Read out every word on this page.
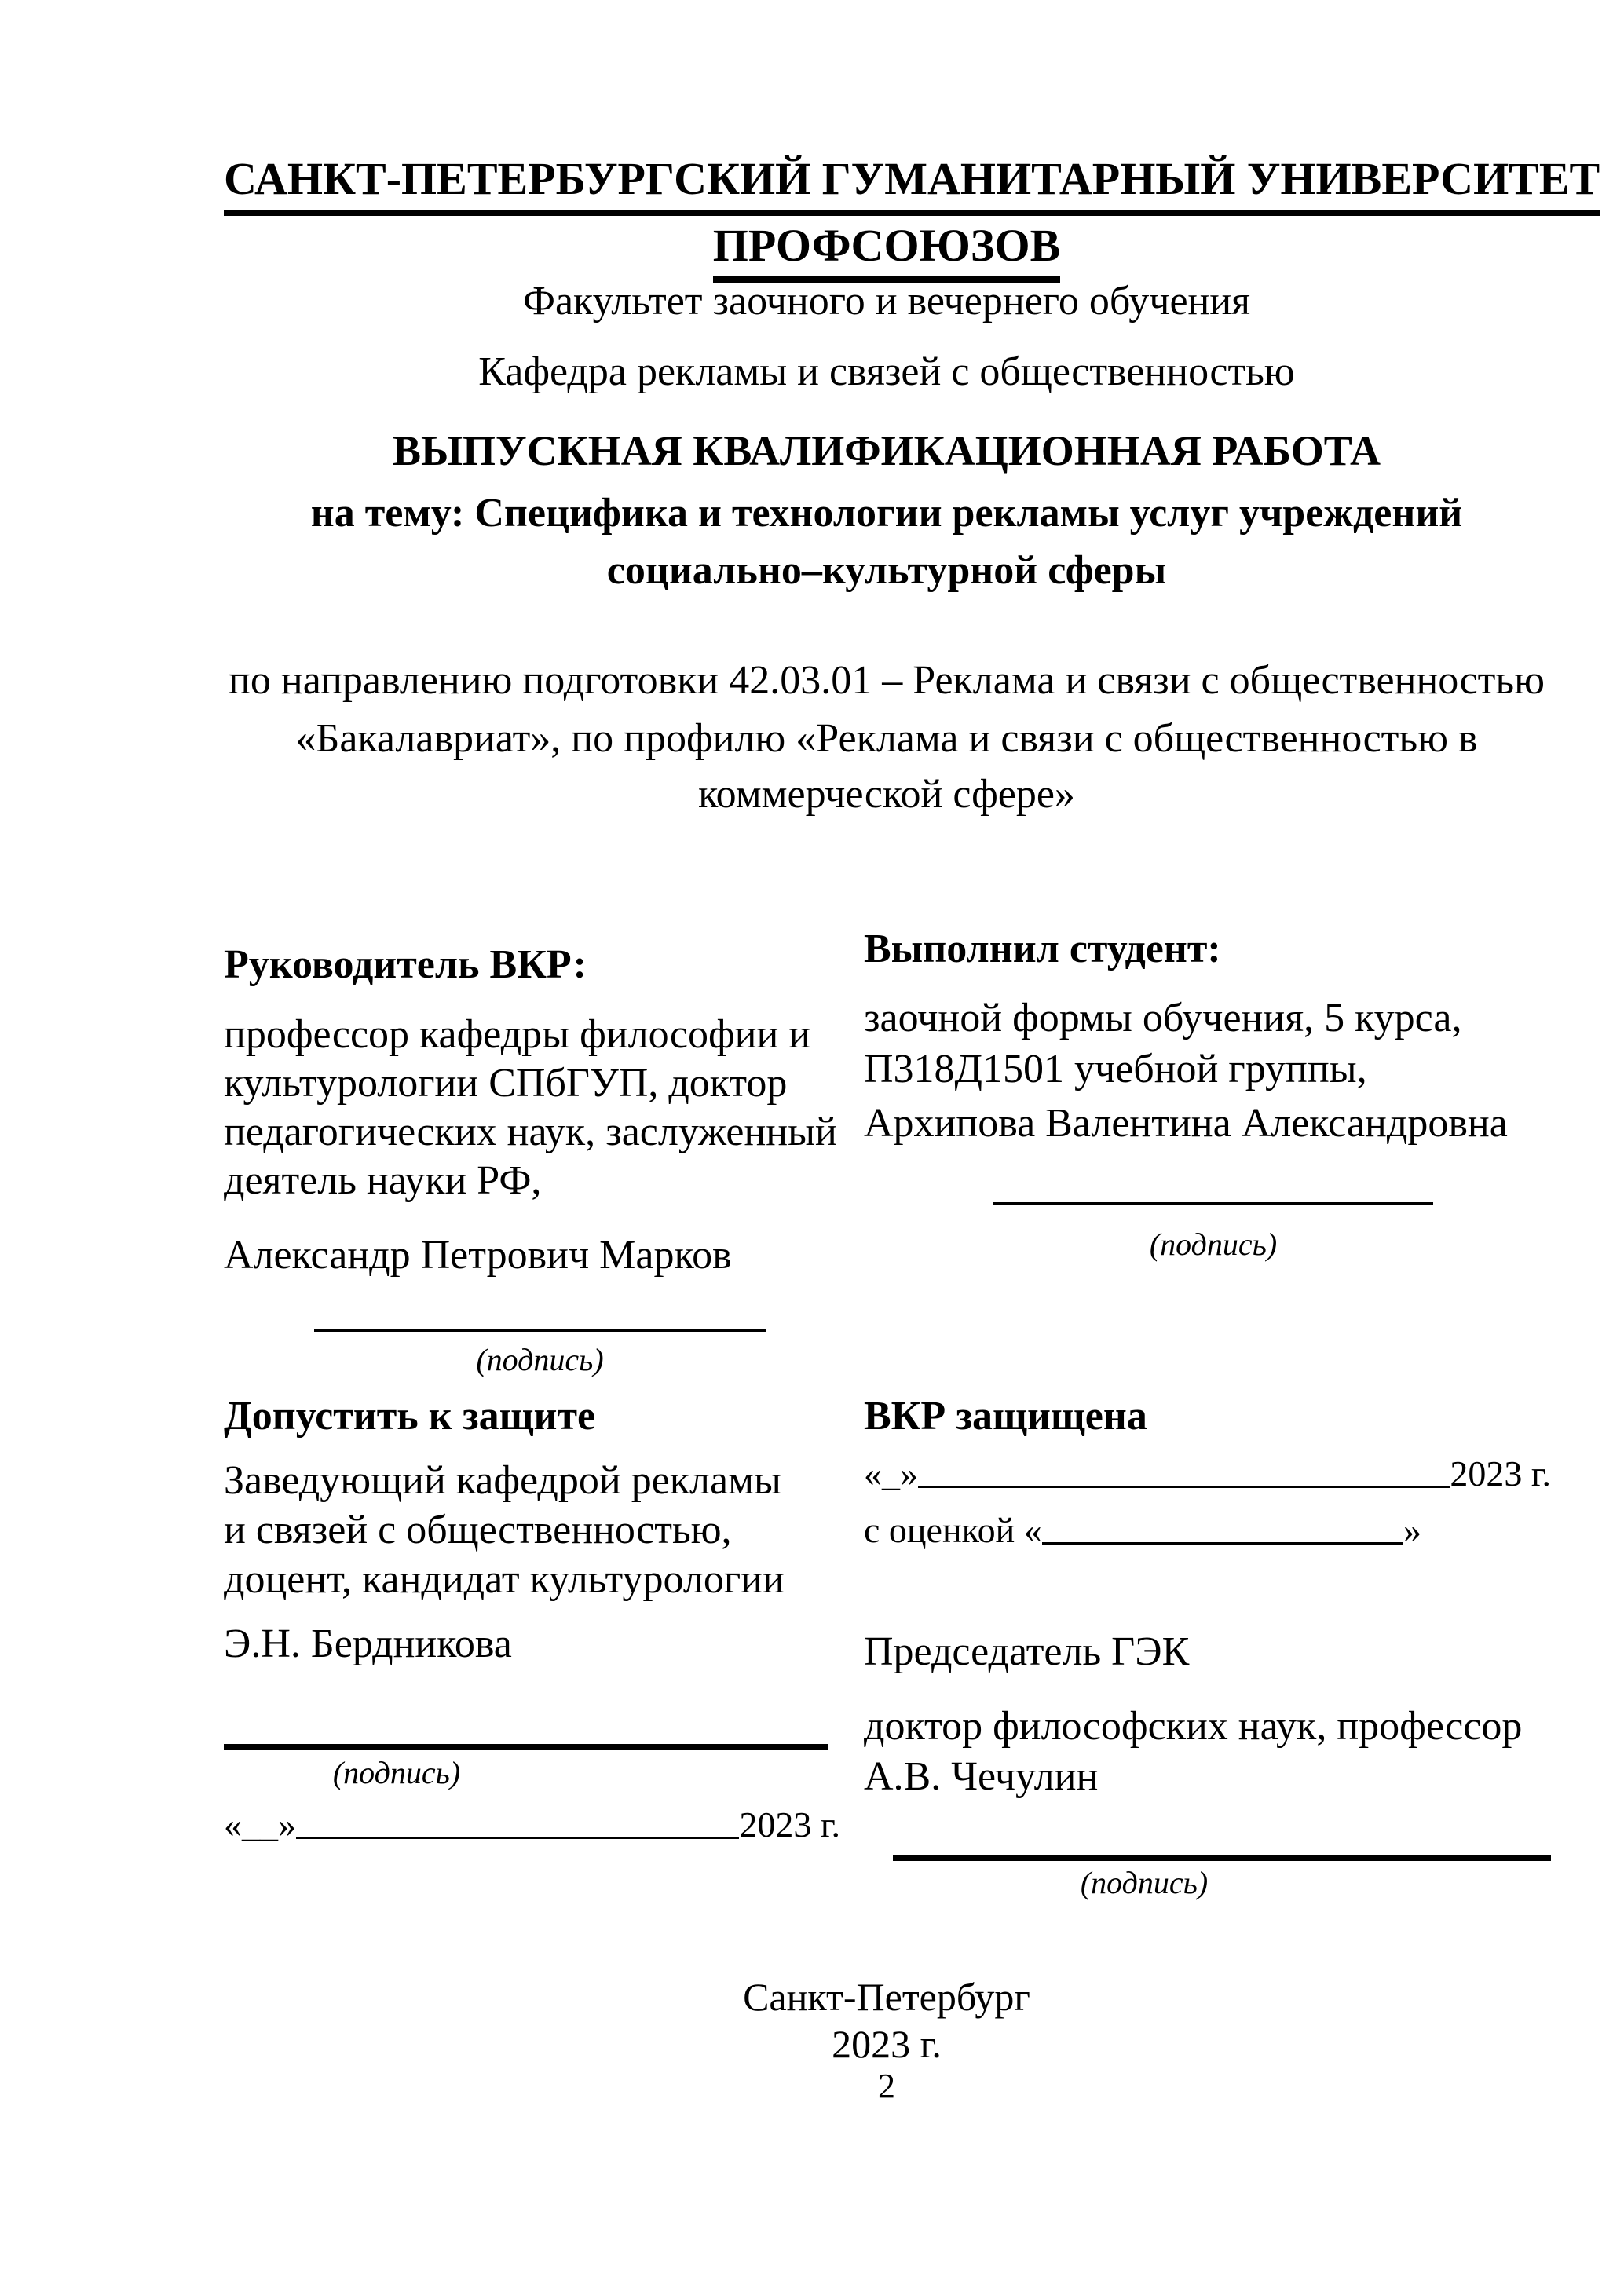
САНКТ-ПЕТЕРБУРГСКИЙ ГУМАНИТАРНЫЙ УНИВЕРСИТЕТ
ПРОФСОЮЗОВ
Факультет заочного и вечернего обучения
Кафедра рекламы и связей с общественностью
ВЫПУСКНАЯ КВАЛИФИКАЦИОННАЯ РАБОТА
на тему: Специфика и технологии рекламы услуг учреждений
социально–культурной сферы
по направлению подготовки 42.03.01 – Реклама и связи с общественностью
«Бакалавриат», по профилю «Реклама и связи с общественностью в
коммерческой сфере»
Руководитель ВКР:
профессор кафедры философии и
культурологии СПбГУП, доктор
педагогических наук, заслуженный
деятель науки РФ,
Александр Петрович Марков
(подпись)
Допустить к защите
Заведующий кафедрой рекламы
и связей с общественностью,
доцент, кандидат культурологии
Э.Н. Бердникова
(подпись)
«__»	2023 г.
Выполнил студент:
заочной формы обучения, 5 курса,
П318Д1501 учебной группы,
Архипова Валентина Александровна
(подпись)
ВКР защищена
«_»	2023 г.
с оценкой «	»
Председатель ГЭК
доктор философских наук, профессор
А.В. Чечулин
(подпись)
Санкт-Петербург
2023 г.
2
